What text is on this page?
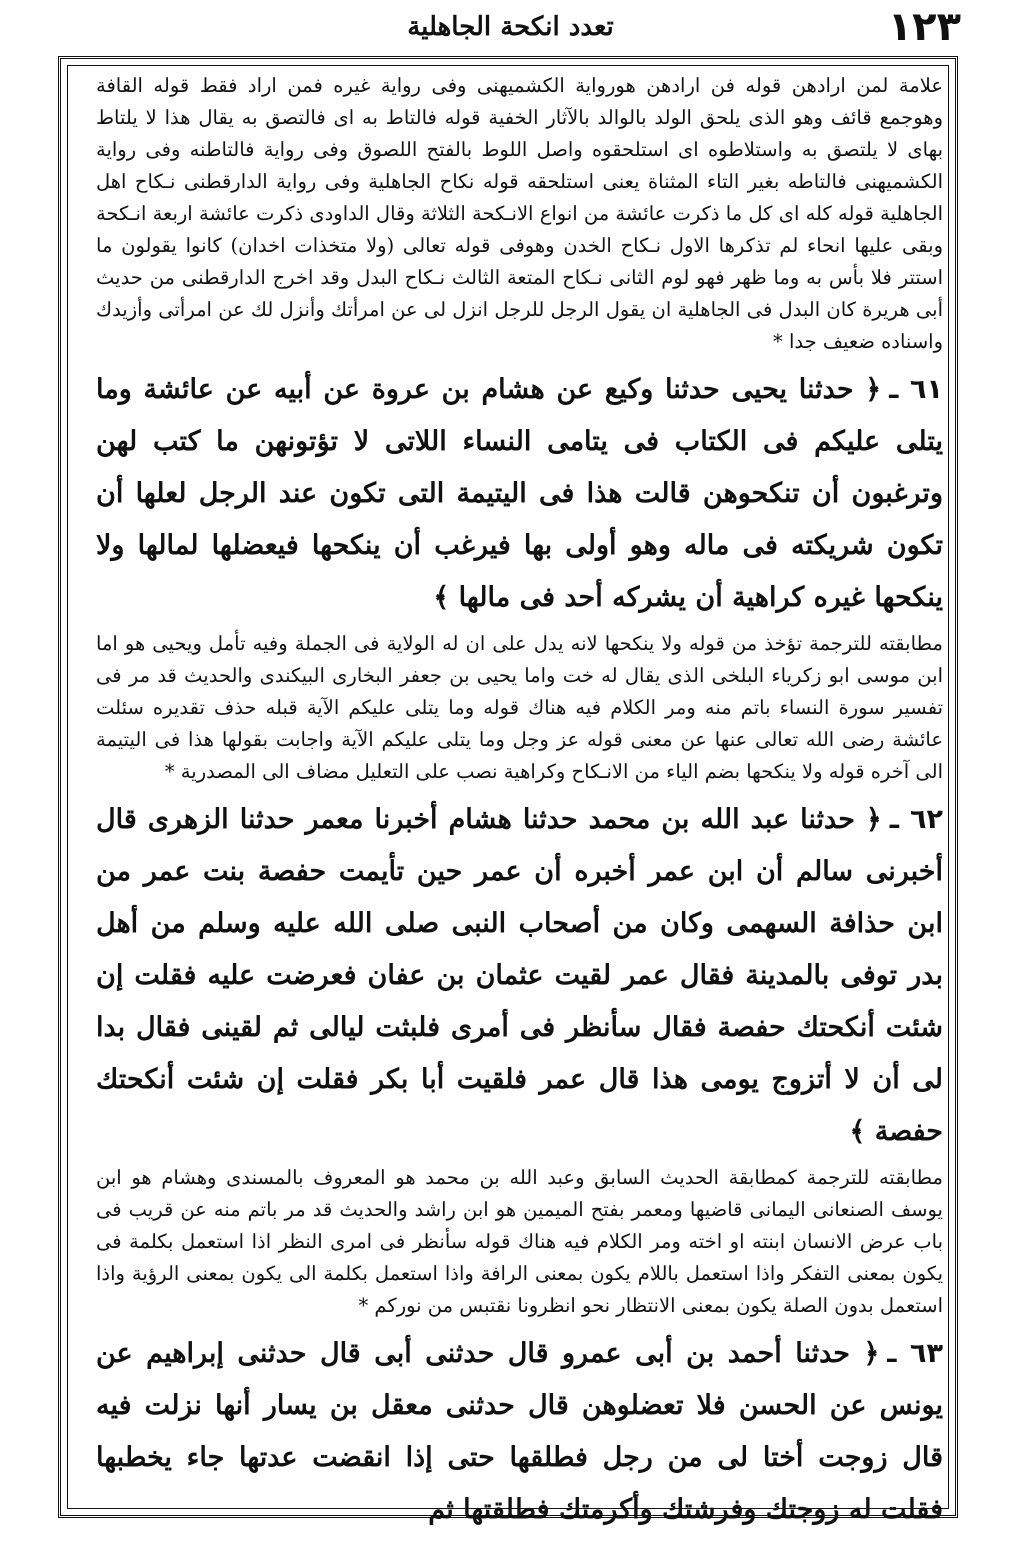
١٢٣
تعدد انكحة الجاهلية

علامة لمن ارادهن قوله فن ارادهن هورواية الكشميهنى وفى رواية غيره فمن اراد فقط قوله القافة وهوجمع قائف وهو الذى يلحق الولد بالوالد بالآثار الخفية قوله فالتاط به اى فالتصق به يقال هذا لا يلتاط بهاى لا يلتصق به واستلاطوه اى استلحقوه واصل اللوط بالفتح اللصوق وفى رواية فالتاطنه وفى رواية الكشميهنى فالتاطه بغير التاء المثناة يعنى استلحقه قوله نكاح الجاهلية وفى رواية الدارقطنى نـكاح اهل الجاهلية قوله كله اى كل ما ذكرت عائشة من انواع الانـكحة الثلاثة وقال الداودى ذكرت عائشة اربعة انـكحة وبقى عليها انحاء لم تذكرها الاول نـكاح الخدن وهوفى قوله تعالى (ولا متخذات اخدان) كانوا يقولون ما استتر فلا بأس به وما ظهر فهو لوم الثانى نـكاح المتعة الثالث نـكاح البدل وقد اخرج الدارقطنى من حديث أبى هريرة كان البدل فى الجاهلية ان يقول الرجل للرجل انزل لى عن امرأتك وأنزل لك عن امرأتى وأزيدك واسناده ضعيف جدا *

٦١ ـ﴿ حدثنا يحيى حدثنا وكيع عن هشام بن عروة عن أبيه عن عائشة وما يتلى عليكم فى الكتاب فى يتامى النساء اللاتى لا تؤتونهن ما كتب لهن وترغبون أن تنكحوهن قالت هذا فى اليتيمة التى تكون عند الرجل لعلها أن تكون شريكته فى ماله وهو أولى بها فيرغب أن ينكحها فيعضلها لمالها ولا ينكحها غيره كراهية أن يشركه أحد فى مالها ﴾

مطابقته للترجمة تؤخذ من قوله ولا ينكحها لانه يدل على ان له الولاية فى الجملة وفيه تأمل ويحيى هو اما ابن موسى ابو زكرياء البلخى الذى يقال له خت واما يحيى بن جعفر البخارى البيكندى والحديث قد مر فى تفسير سورة النساء باتم منه ومر الكلام فيه هناك قوله وما يتلى عليكم الآية قبله حذف تقديره سئلت عائشة رضى الله تعالى عنها عن معنى قوله عز وجل وما يتلى عليكم الآية واجابت بقولها هذا فى اليتيمة الى آخره قوله ولا ينكحها بضم الياء من الانـكاح وكراهية نصب على التعليل مضاف الى المصدرية *

٦٢ ـ﴿ حدثنا عبد الله بن محمد حدثنا هشام أخبرنا معمر حدثنا الزهرى قال أخبرنى سالم أن ابن عمر أخبره أن عمر حين تأيمت حفصة بنت عمر من ابن حذافة السهمى وكان من أصحاب النبى صلى الله عليه وسلم من أهل بدر توفى بالمدينة فقال عمر لقيت عثمان بن عفان فعرضت عليه فقلت إن شئت أنكحتك حفصة فقال سأنظر فى أمرى فلبثت ليالى ثم لقينى فقال بدا لى أن لا أتزوج يومى هذا قال عمر فلقيت أبا بكر فقلت إن شئت أنكحتك حفصة ﴾

مطابقته للترجمة كمطابقة الحديث السابق وعبد الله بن محمد هو المعروف بالمسندى وهشام هو ابن يوسف الصنعانى اليمانى قاضيها ومعمر بفتح الميمين هو ابن راشد والحديث قد مر باتم منه عن قريب فى باب عرض الانسان ابنته او اخته ومر الكلام فيه هناك قوله سأنظر فى امرى النظر اذا استعمل بكلمة فى يكون بمعنى التفكر واذا استعمل باللام يكون بمعنى الرافة واذا استعمل بكلمة الى يكون بمعنى الرؤية واذا استعمل بدون الصلة يكون بمعنى الانتظار نحو انظرونا نقتبس من نوركم *

٦٣ ـ﴿ حدثنا أحمد بن أبى عمرو قال حدثنى أبى قال حدثنى إبراهيم عن يونس عن الحسن فلا تعضلوهن قال حدثنى معقل بن يسار أنها نزلت فيه قال زوجت أختا لى من رجل فطلقها حتى إذا انقضت عدتها جاء يخطبها فقلت له زوجتك وفرشتك وأكرمتك فطلقتها ثم
